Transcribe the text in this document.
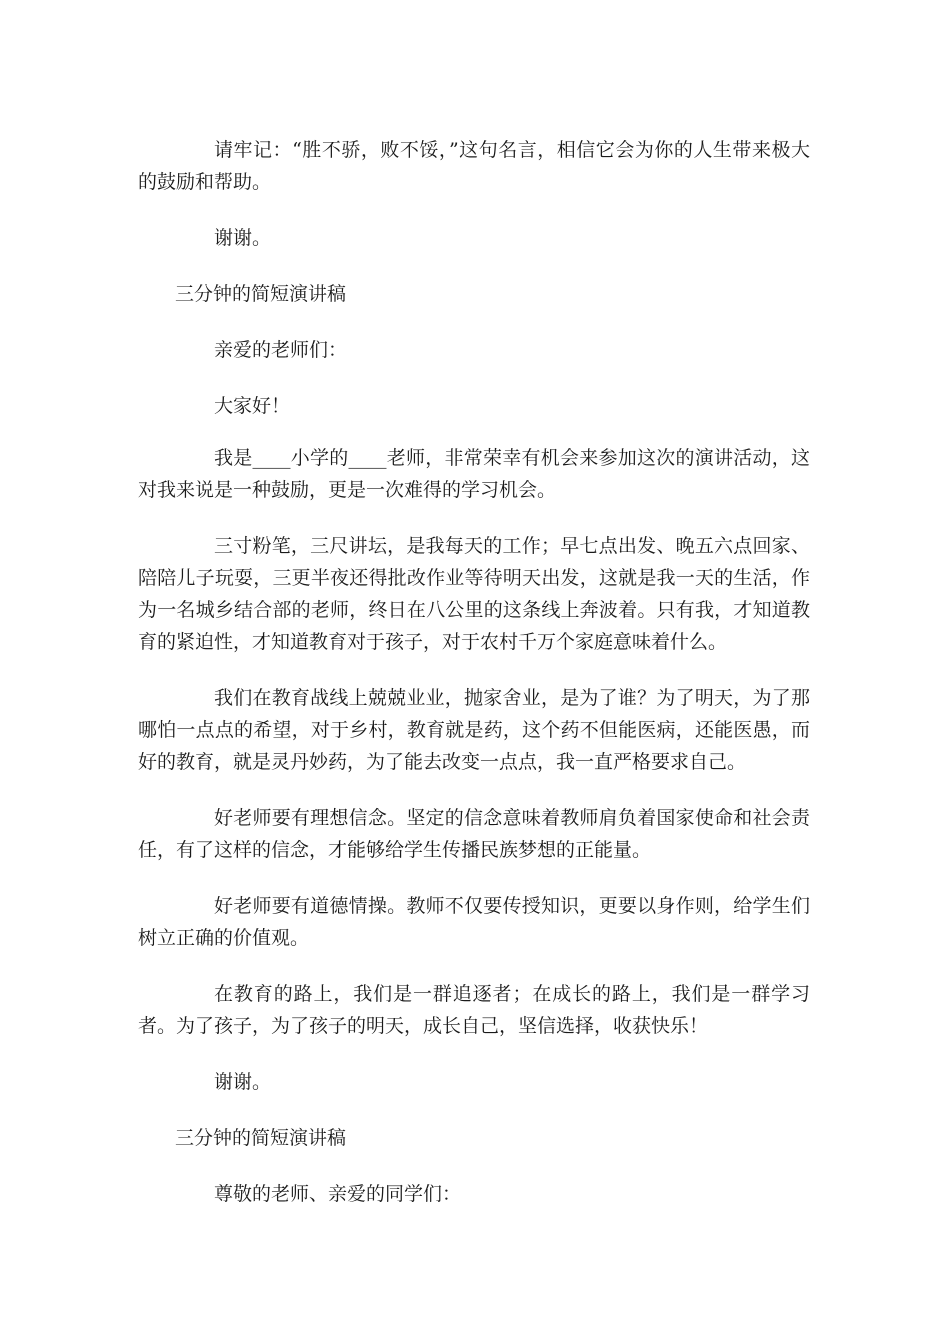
请牢记：“胜不骄，败不馁，”这句名言，相信它会为你的人生带来极大的鼓励和帮助。

谢谢。

三分钟的简短演讲稿

亲爱的老师们：

大家好！

我是____小学的____老师，非常荣幸有机会来参加这次的演讲活动，这对我来说是一种鼓励，更是一次难得的学习机会。

三寸粉笔，三尺讲坛，是我每天的工作；早七点出发、晚五六点回家、陪陪儿子玩耍，三更半夜还得批改作业等待明天出发，这就是我一天的生活，作为一名城乡结合部的老师，终日在八公里的这条线上奔波着。只有我，才知道教育的紧迫性，才知道教育对于孩子，对于农村千万个家庭意味着什么。

我们在教育战线上兢兢业业，抛家舍业，是为了谁？为了明天，为了那哪怕一点点的希望，对于乡村，教育就是药，这个药不但能医病，还能医愚，而好的教育，就是灵丹妙药，为了能去改变一点点，我一直严格要求自己。

好老师要有理想信念。坚定的信念意味着教师肩负着国家使命和社会责任，有了这样的信念，才能够给学生传播民族梦想的正能量。

好老师要有道德情操。教师不仅要传授知识，更要以身作则，给学生们树立正确的价值观。

在教育的路上，我们是一群追逐者；在成长的路上，我们是一群学习者。为了孩子，为了孩子的明天，成长自己，坚信选择，收获快乐！

谢谢。

三分钟的简短演讲稿

尊敬的老师、亲爱的同学们：
